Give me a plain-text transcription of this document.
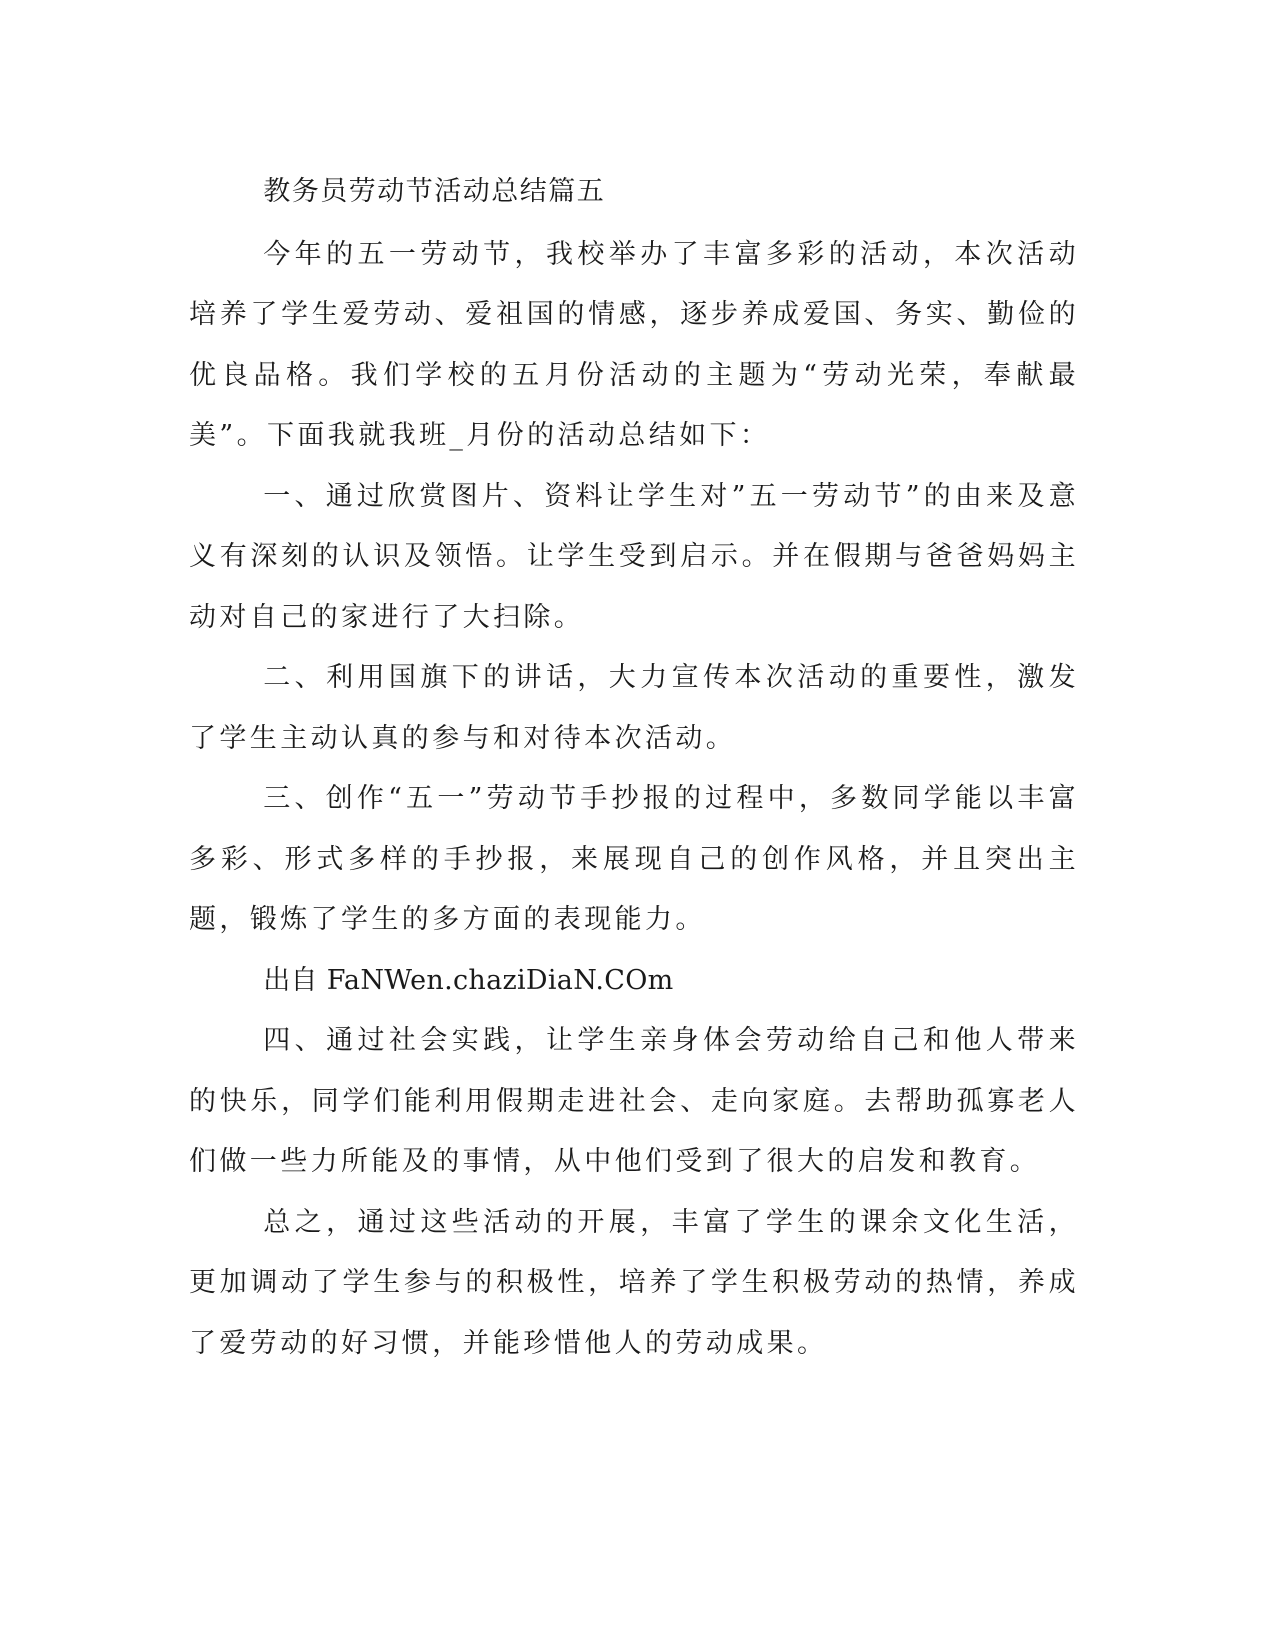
教务员劳动节活动总结篇五

今年的五一劳动节，我校举办了丰富多彩的活动，本次活动培养了学生爱劳动、爱祖国的情感，逐步养成爱国、务实、勤俭的优良品格。我们学校的五月份活动的主题为“劳动光荣，奉献最美”。下面我就我班_月份的活动总结如下：

一、通过欣赏图片、资料让学生对”五一劳动节”的由来及意义有深刻的认识及领悟。让学生受到启示。并在假期与爸爸妈妈主动对自己的家进行了大扫除。

二、利用国旗下的讲话，大力宣传本次活动的重要性，激发了学生主动认真的参与和对待本次活动。

三、创作“五一”劳动节手抄报的过程中，多数同学能以丰富多彩、形式多样的手抄报，来展现自己的创作风格，并且突出主题，锻炼了学生的多方面的表现能力。

出自 FaNWen.chaziDiaN.COm

四、通过社会实践，让学生亲身体会劳动给自己和他人带来的快乐，同学们能利用假期走进社会、走向家庭。去帮助孤寡老人们做一些力所能及的事情，从中他们受到了很大的启发和教育。

总之，通过这些活动的开展，丰富了学生的课余文化生活，更加调动了学生参与的积极性，培养了学生积极劳动的热情，养成了爱劳动的好习惯，并能珍惜他人的劳动成果。
